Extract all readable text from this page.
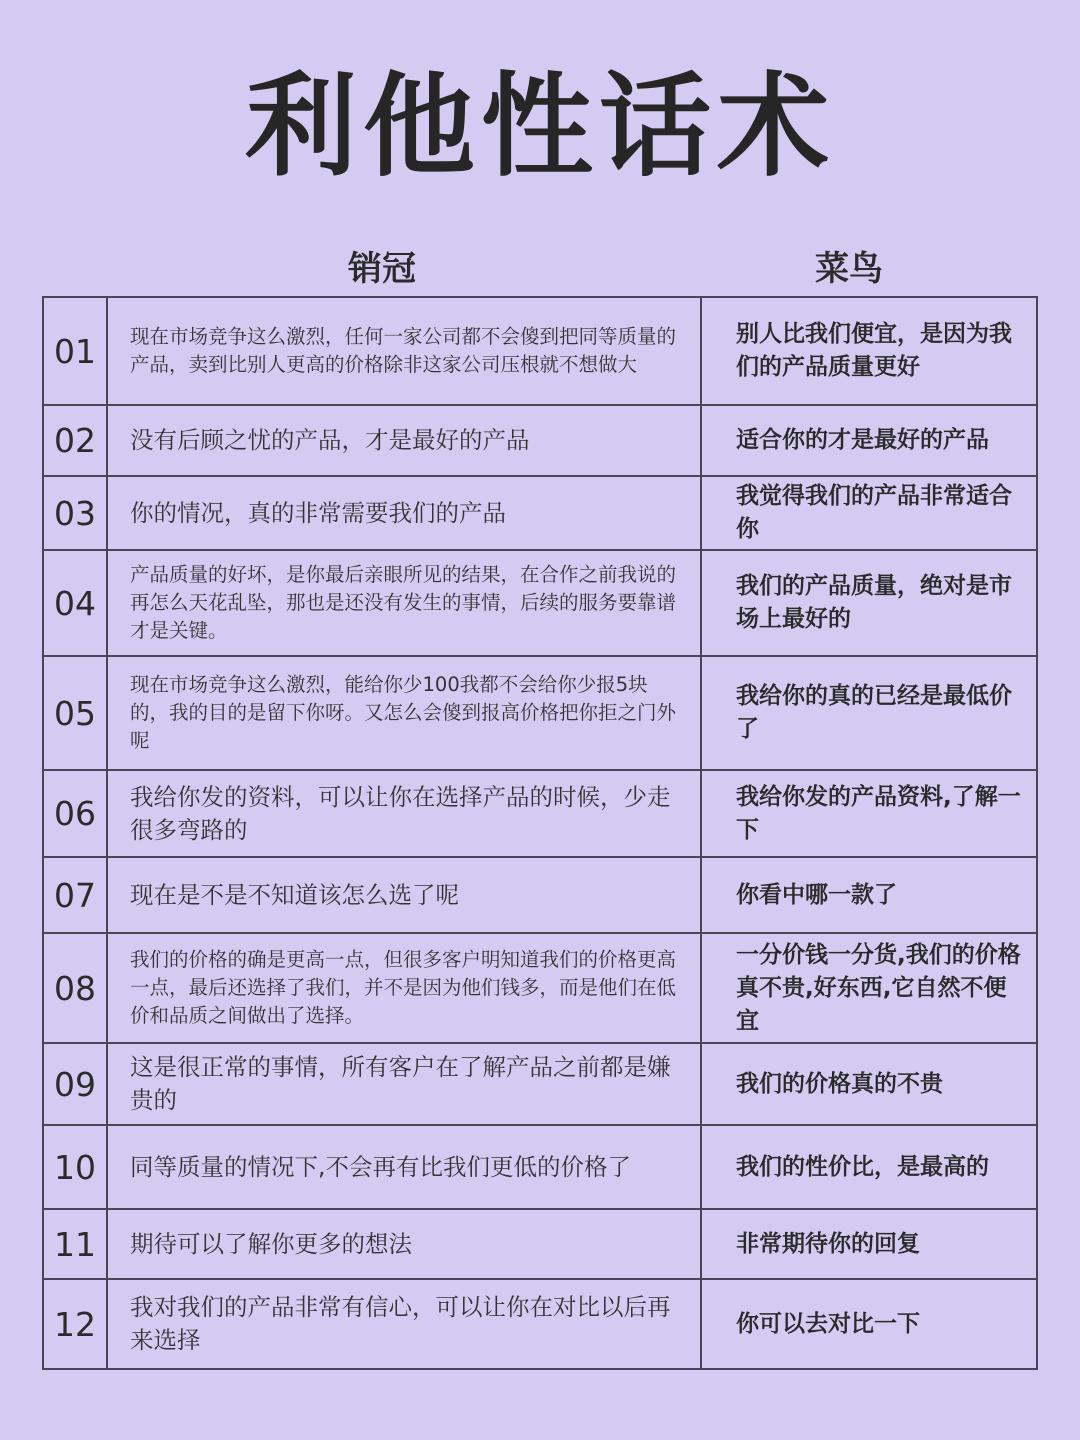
利他性话术
销冠	菜鸟
01	现在市场竞争这么激烈，任何一家公司都不会傻到把同等质量的产品，卖到比别人更高的价格除非这家公司压根就不想做大	别人比我们便宜，是因为我们的产品质量更好
02	没有后顾之忧的产品，才是最好的产品	适合你的才是最好的产品
03	你的情况，真的非常需要我们的产品	我觉得我们的产品非常适合你
04	产品质量的好坏，是你最后亲眼所见的结果，在合作之前我说的再怎么天花乱坠，那也是还没有发生的事情，后续的服务要靠谱才是关键。	我们的产品质量，绝对是市场上最好的
05	现在市场竞争这么激烈，能给你少100我都不会给你少报5块的，我的目的是留下你呀。又怎么会傻到报高价格把你拒之门外呢	我给你的真的已经是最低价了
06	我给你发的资料，可以让你在选择产品的时候，少走很多弯路的	我给你发的产品资料,了解一下
07	现在是不是不知道该怎么选了呢	你看中哪一款了
08	我们的价格的确是更高一点，但很多客户明知道我们的价格更高一点，最后还选择了我们，并不是因为他们钱多，而是他们在低价和品质之间做出了选择。	一分价钱一分货,我们的价格真不贵,好东西,它自然不便宜
09	这是很正常的事情，所有客户在了解产品之前都是嫌贵的	我们的价格真的不贵
10	同等质量的情况下,不会再有比我们更低的价格了	我们的性价比，是最高的
11	期待可以了解你更多的想法	非常期待你的回复
12	我对我们的产品非常有信心，可以让你在对比以后再来选择	你可以去对比一下
